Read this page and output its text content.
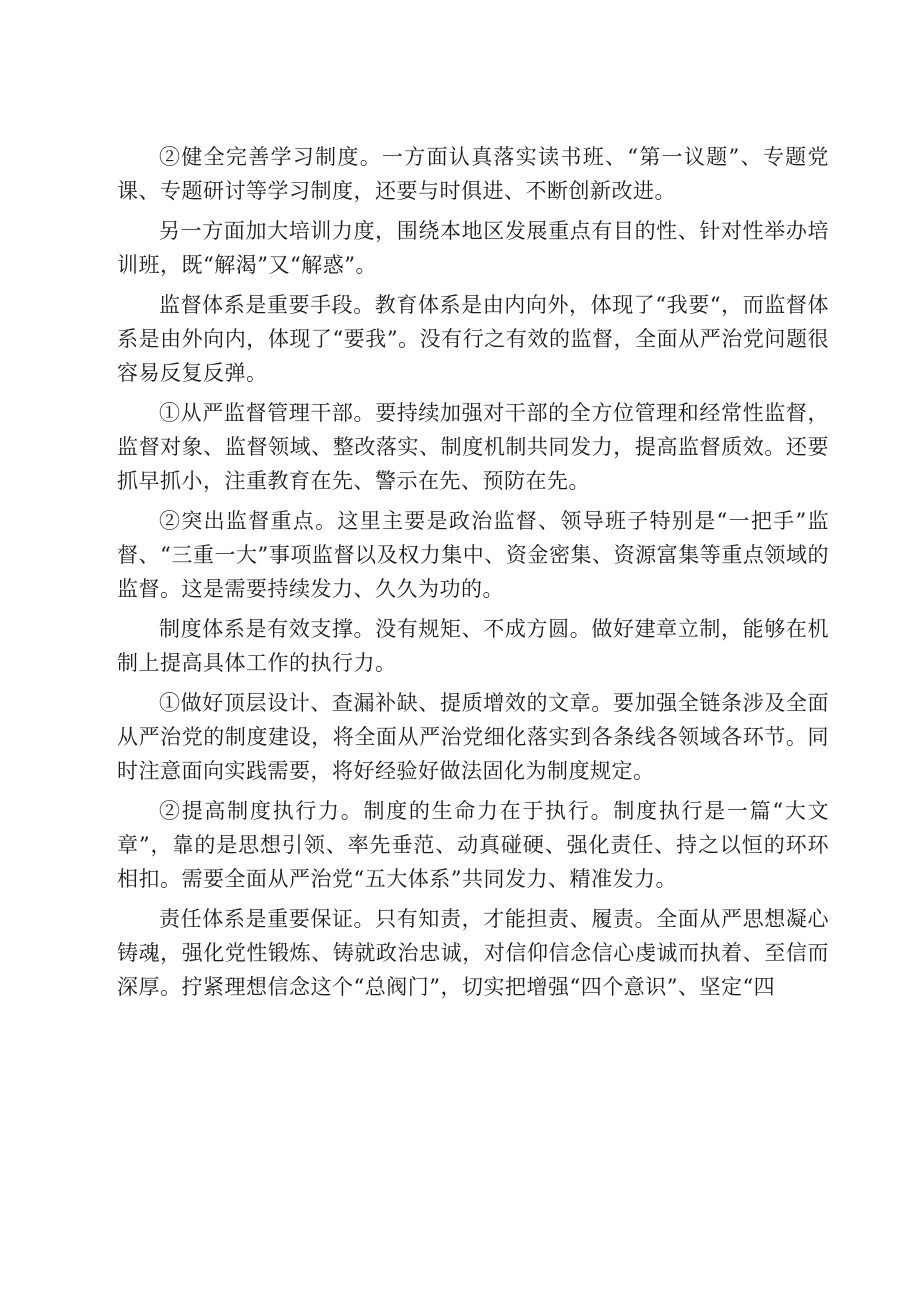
②健全完善学习制度。一方面认真落实读书班、“第一议题”、专题党课、专题研讨等学习制度，还要与时俱进、不断创新改进。

另一方面加大培训力度，围绕本地区发展重点有目的性、针对性举办培训班，既“解渴”又“解惑”。

监督体系是重要手段。教育体系是由内向外，体现了“我要“，而监督体系是由外向内，体现了“要我”。没有行之有效的监督，全面从严治党问题很容易反复反弹。

①从严监督管理干部。要持续加强对干部的全方位管理和经常性监督，监督对象、监督领域、整改落实、制度机制共同发力，提高监督质效。还要抓早抓小，注重教育在先、警示在先、预防在先。

②突出监督重点。这里主要是政治监督、领导班子特别是“一把手”监督、“三重一大”事项监督以及权力集中、资金密集、资源富集等重点领域的监督。这是需要持续发力、久久为功的。

制度体系是有效支撑。没有规矩、不成方圆。做好建章立制，能够在机制上提高具体工作的执行力。

①做好顶层设计、查漏补缺、提质增效的文章。要加强全链条涉及全面从严治党的制度建设，将全面从严治党细化落实到各条线各领域各环节。同时注意面向实践需要，将好经验好做法固化为制度规定。

②提高制度执行力。制度的生命力在于执行。制度执行是一篇“大文章”，靠的是思想引领、率先垂范、动真碰硬、强化责任、持之以恒的环环相扣。需要全面从严治党“五大体系”共同发力、精准发力。

责任体系是重要保证。只有知责，才能担责、履责。全面从严思想凝心铸魂，强化党性锻炼、铸就政治忠诚，对信仰信念信心虔诚而执着、至信而深厚。拧紧理想信念这个“总阀门”，切实把增强“四个意识”、坚定“四
